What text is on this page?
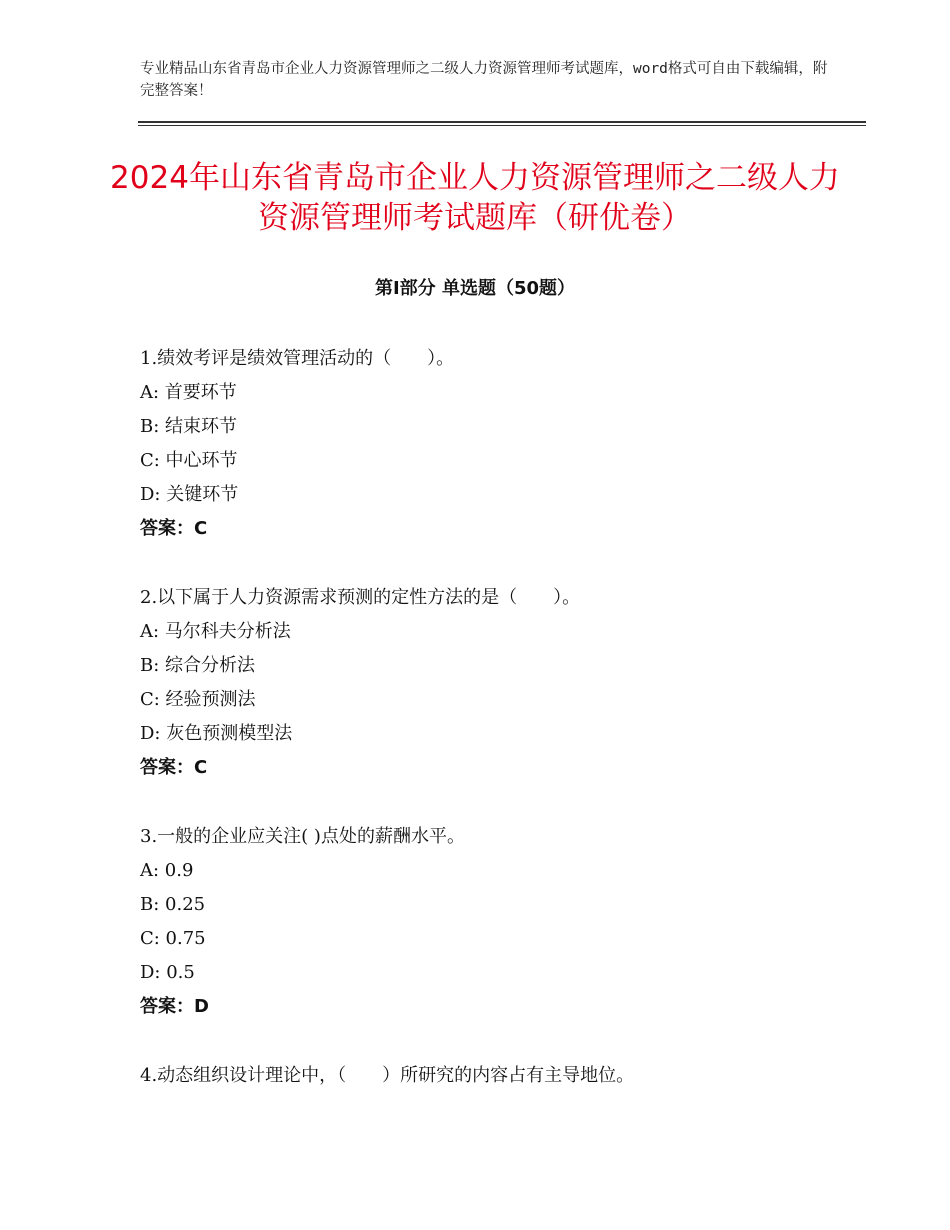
专业精品山东省青岛市企业人力资源管理师之二级人力资源管理师考试题库，word格式可自由下载编辑，附完整答案！
2024年山东省青岛市企业人力资源管理师之二级人力资源管理师考试题库（研优卷）
第Ⅰ部分 单选题（50题）
1.绩效考评是绩效管理活动的（　　）。
A: 首要环节
B: 结束环节
C: 中心环节
D: 关键环节
答案：C
2.以下属于人力资源需求预测的定性方法的是（　　）。
A: 马尔科夫分析法
B: 综合分析法
C: 经验预测法
D: 灰色预测模型法
答案：C
3.一般的企业应关注( )点处的薪酬水平。
A: 0.9
B: 0.25
C: 0.75
D: 0.5
答案：D
4.动态组织设计理论中，（　　）所研究的内容占有主导地位。
